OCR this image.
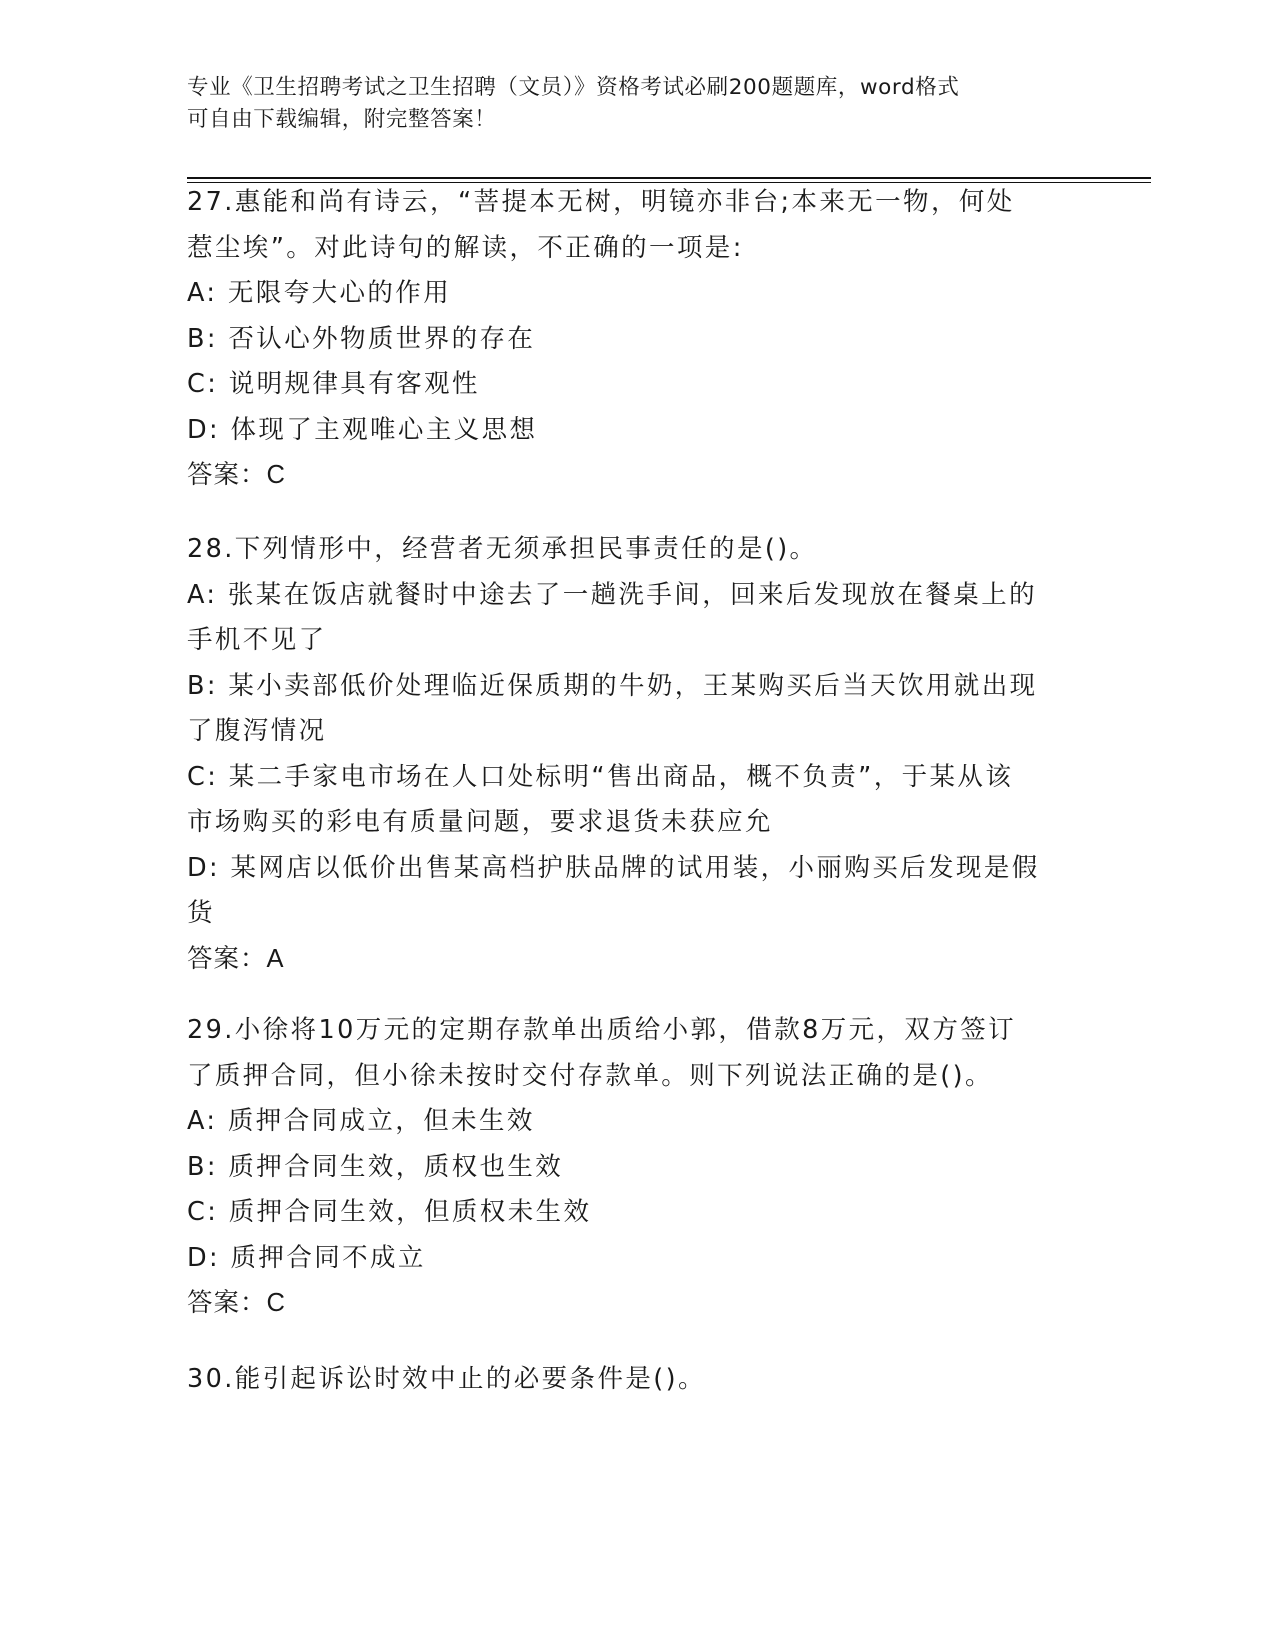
专业《卫生招聘考试之卫生招聘（文员）》资格考试必刷200题题库，word格式
可自由下载编辑，附完整答案！
27.惠能和尚有诗云，“菩提本无树，明镜亦非台;本来无一物，何处
惹尘埃”。对此诗句的解读，不正确的一项是:
A: 无限夸大心的作用
B: 否认心外物质世界的存在
C: 说明规律具有客观性
D: 体现了主观唯心主义思想
答案：C
28.下列情形中，经营者无须承担民事责任的是()。
A: 张某在饭店就餐时中途去了一趟洗手间，回来后发现放在餐桌上的
手机不见了
B: 某小卖部低价处理临近保质期的牛奶，王某购买后当天饮用就出现
了腹泻情况
C: 某二手家电市场在人口处标明“售出商品，概不负责”，于某从该
市场购买的彩电有质量问题，要求退货未获应允
D: 某网店以低价出售某高档护肤品牌的试用装，小丽购买后发现是假
货
答案：A
29.小徐将10万元的定期存款单出质给小郭，借款8万元，双方签订
了质押合同，但小徐未按时交付存款单。则下列说法正确的是()。
A: 质押合同成立，但未生效
B: 质押合同生效，质权也生效
C: 质押合同生效，但质权未生效
D: 质押合同不成立
答案：C
30.能引起诉讼时效中止的必要条件是()。
